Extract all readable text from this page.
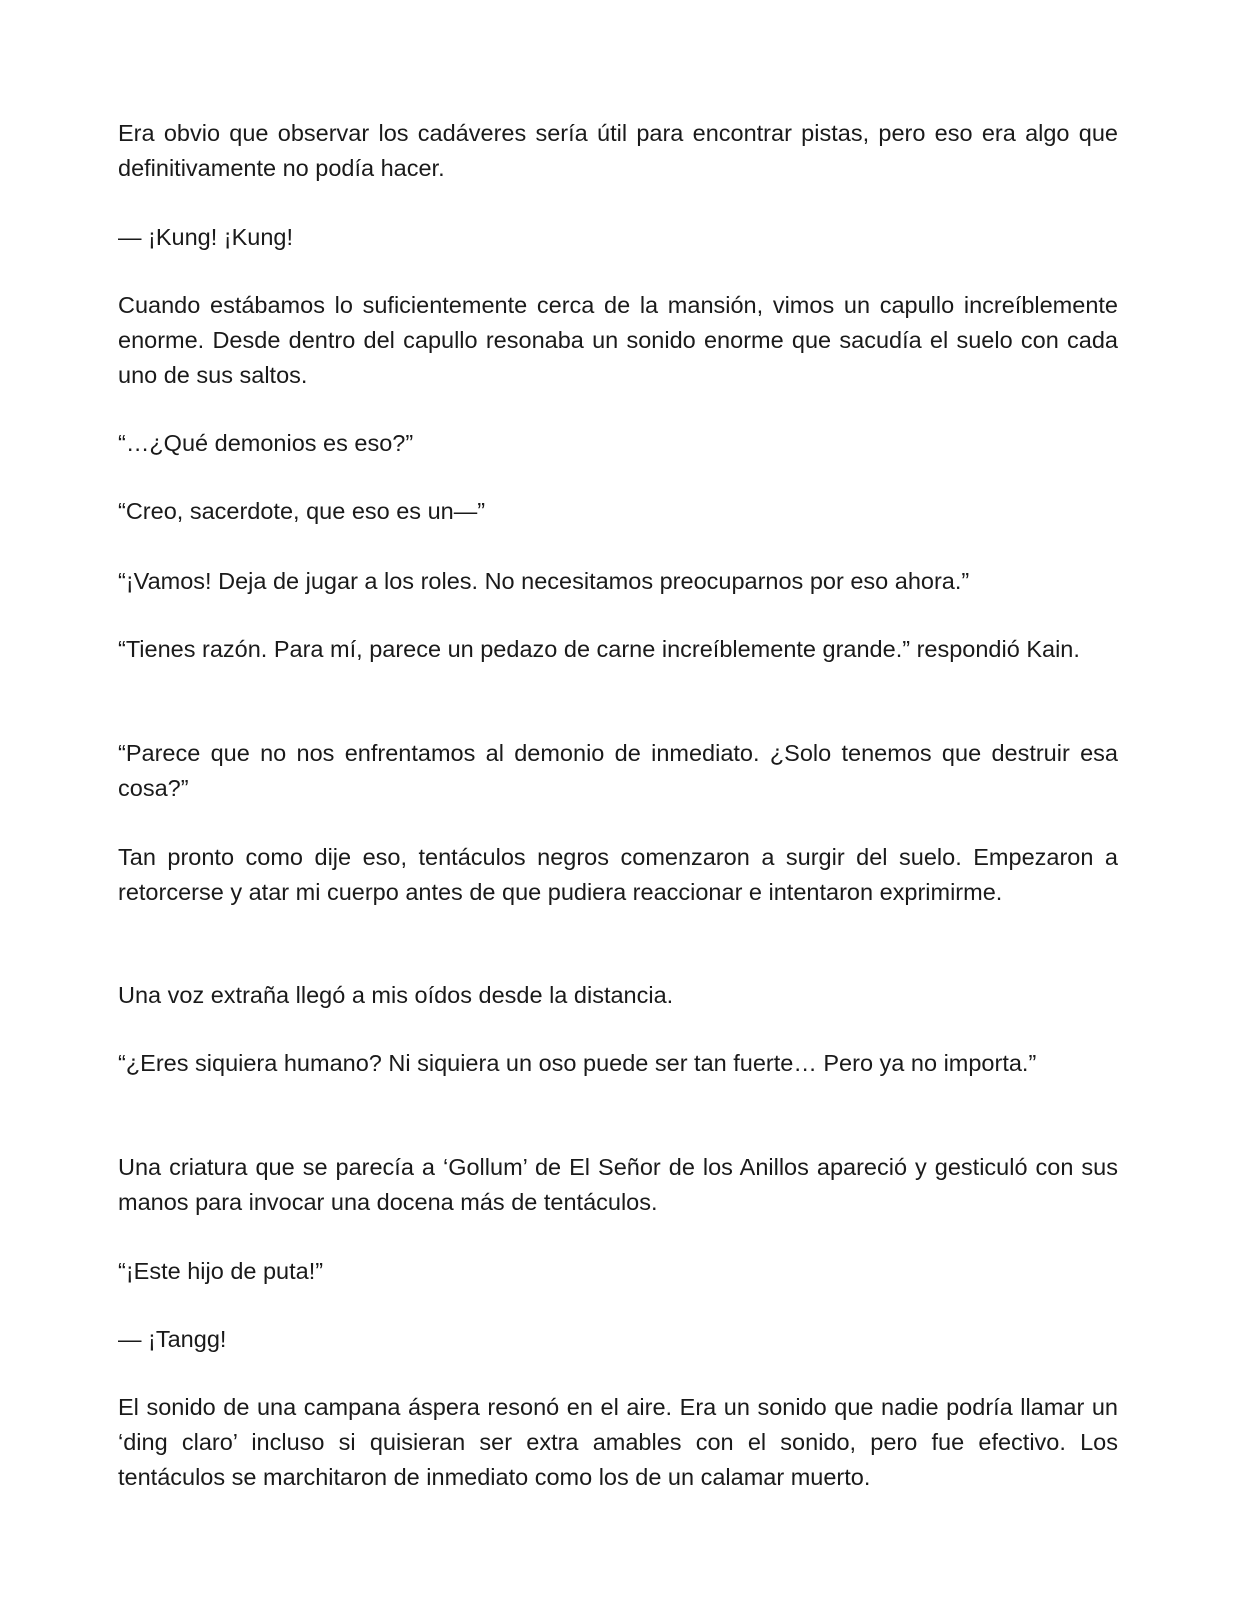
Era obvio que observar los cadáveres sería útil para encontrar pistas, pero eso era algo que definitivamente no podía hacer.

— ¡Kung! ¡Kung!

Cuando estábamos lo suficientemente cerca de la mansión, vimos un capullo increíblemente enorme. Desde dentro del capullo resonaba un sonido enorme que sacudía el suelo con cada uno de sus saltos.

“…¿Qué demonios es eso?”

“Creo, sacerdote, que eso es un—”

“¡Vamos! Deja de jugar a los roles. No necesitamos preocuparnos por eso ahora.”

“Tienes razón. Para mí, parece un pedazo de carne increíblemente grande.” respondió Kain.

“Parece que no nos enfrentamos al demonio de inmediato. ¿Solo tenemos que destruir esa cosa?”

Tan pronto como dije eso, tentáculos negros comenzaron a surgir del suelo. Empezaron a retorcerse y atar mi cuerpo antes de que pudiera reaccionar e intentaron exprimirme.

Una voz extraña llegó a mis oídos desde la distancia.

“¿Eres siquiera humano? Ni siquiera un oso puede ser tan fuerte… Pero ya no importa.”

Una criatura que se parecía a ‘Gollum’ de El Señor de los Anillos apareció y gesticuló con sus manos para invocar una docena más de tentáculos.

“¡Este hijo de puta!”

— ¡Tangg!

El sonido de una campana áspera resonó en el aire. Era un sonido que nadie podría llamar un ‘ding claro’ incluso si quisieran ser extra amables con el sonido, pero fue efectivo. Los tentáculos se marchitaron de inmediato como los de un calamar muerto.
